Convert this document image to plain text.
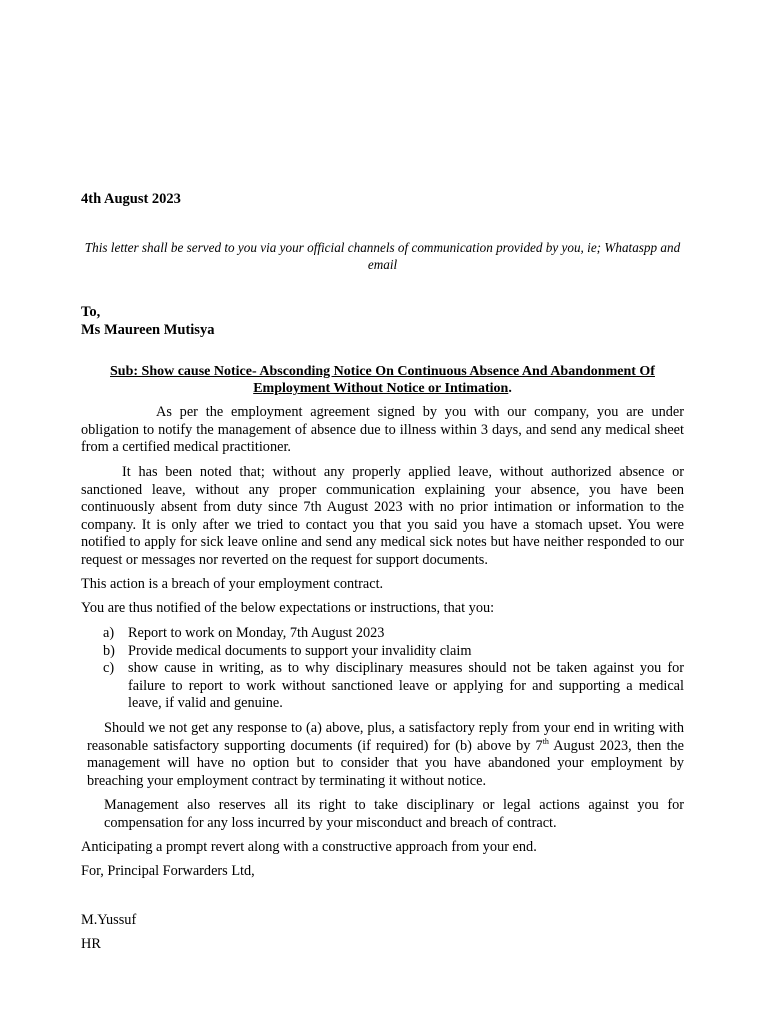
4th August 2023
This letter shall be served to you via your official channels of communication provided by you, ie; Whataspp and email
To,
Ms Maureen Mutisya
Sub: Show cause Notice- Absconding Notice On Continuous Absence And Abandonment Of Employment Without Notice or Intimation.
As per the employment agreement signed by you with our company, you are under obligation to notify the management of absence due to illness within 3 days, and send any medical sheet from a certified medical practitioner.
It has been noted that; without any properly applied leave, without authorized absence or sanctioned leave, without any proper communication explaining your absence, you have been continuously absent from duty since 7th August 2023 with no prior intimation or information to the company. It is only after we tried to contact you that you said you have a stomach upset. You were notified to apply for sick leave online and send any medical sick notes but have neither responded to our request or messages nor reverted on the request for support documents.
This action is a breach of your employment contract.
You are thus notified of the below expectations or instructions, that you:
a) Report to work on Monday, 7th August 2023
b) Provide medical documents to support your invalidity claim
c) show cause in writing, as to why disciplinary measures should not be taken against you for failure to report to work without sanctioned leave or applying for and supporting a medical leave, if valid and genuine.
Should we not get any response to (a) above, plus, a satisfactory reply from your end in writing with reasonable satisfactory supporting documents (if required) for (b) above by 7th August 2023, then the management will have no option but to consider that you have abandoned your employment by breaching your employment contract by terminating it without notice.
Management also reserves all its right to take disciplinary or legal actions against you for compensation for any loss incurred by your misconduct and breach of contract.
Anticipating a prompt revert along with a constructive approach from your end.
For, Principal Forwarders Ltd,
M.Yussuf
HR
